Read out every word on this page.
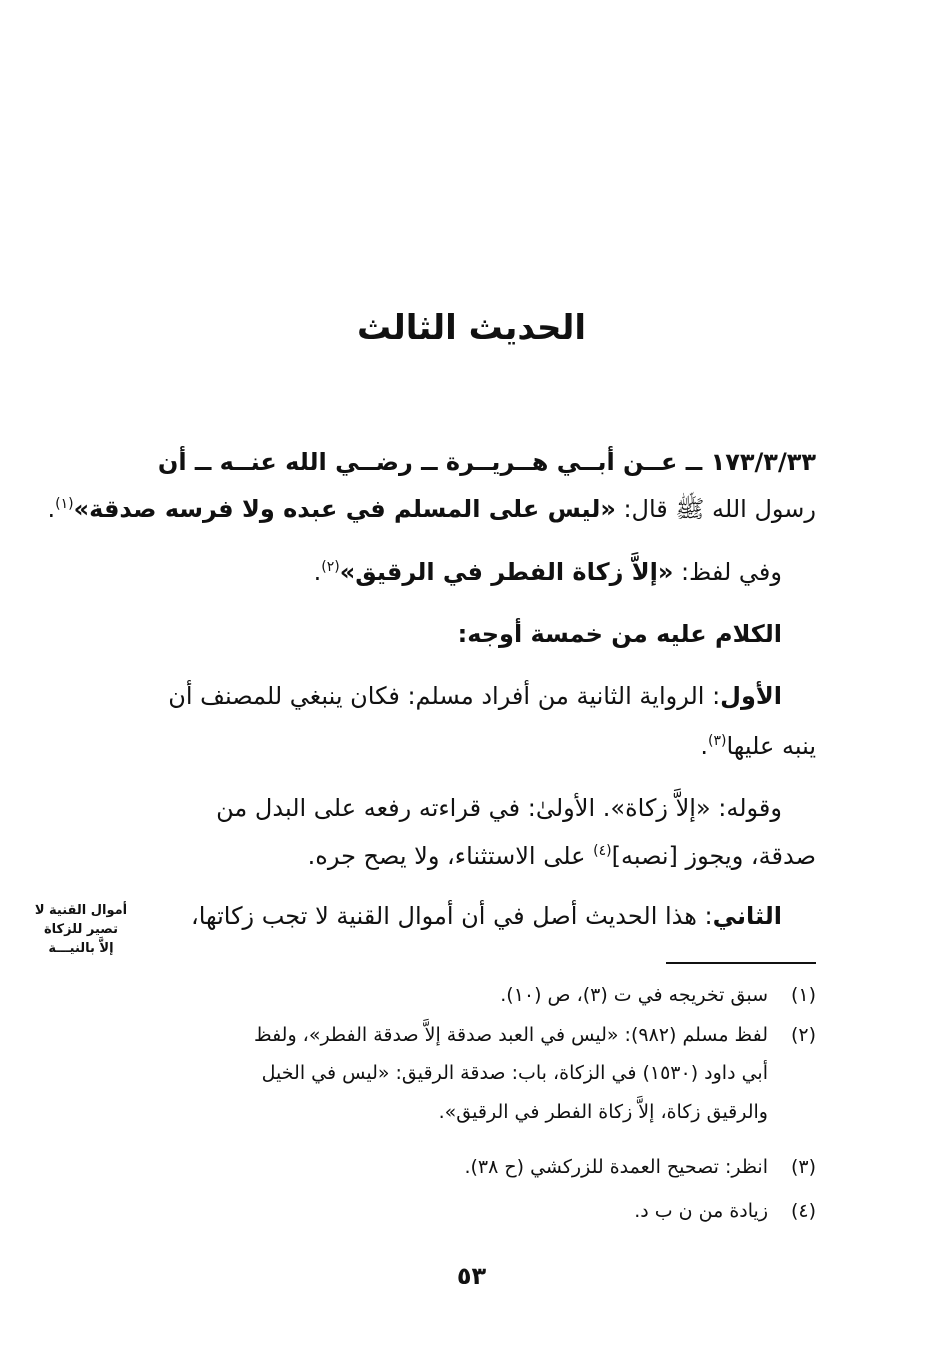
الحديث الثالث
١٧٣/٣/٣٣ ــ عــن أبــي هــريــرة ــ رضــي الله عنــه ــ أن
رسول الله ﷺ قال: «ليس على المسلم في عبده ولا فرسه صدقة»$^{(١)}$.
وفي لفظ: «إلاَّ زكاة الفطر في الرقيق»$^{(٢)}$.
الكلام عليه من خمسة أوجه:
الأول: الرواية الثانية من أفراد مسلم: فكان ينبغي للمصنف أن
ينبه عليها$^{(٣)}$.
وقوله: «إلاَّ زكاة». الأولىٰ: في قراءته رفعه على البدل من
صدقة، ويجوز [نصبه]$^{(٤)}$ على الاستثناء، ولا يصح جره.
الثاني: هذا الحديث أصل في أن أموال القنية لا تجب زكاتها،
أموال القنية لا
تصير للزكاة
إلاَّ بالنيـــة
(١)سبق تخريجه في ت (٣)، ص (١٠).
(٢)لفظ مسلم (٩٨٢): «ليس في العبد صدقة إلاَّ صدقة الفطر»، ولفظ
أبي داود (١٥٣٠) في الزكاة، باب: صدقة الرقيق: «ليس في الخيل
والرقيق زكاة، إلاَّ زكاة الفطر في الرقيق».
(٣)انظر: تصحيح العمدة للزركشي (ح ٣٨).
(٤)زيادة من ن ب د.
٥٣
